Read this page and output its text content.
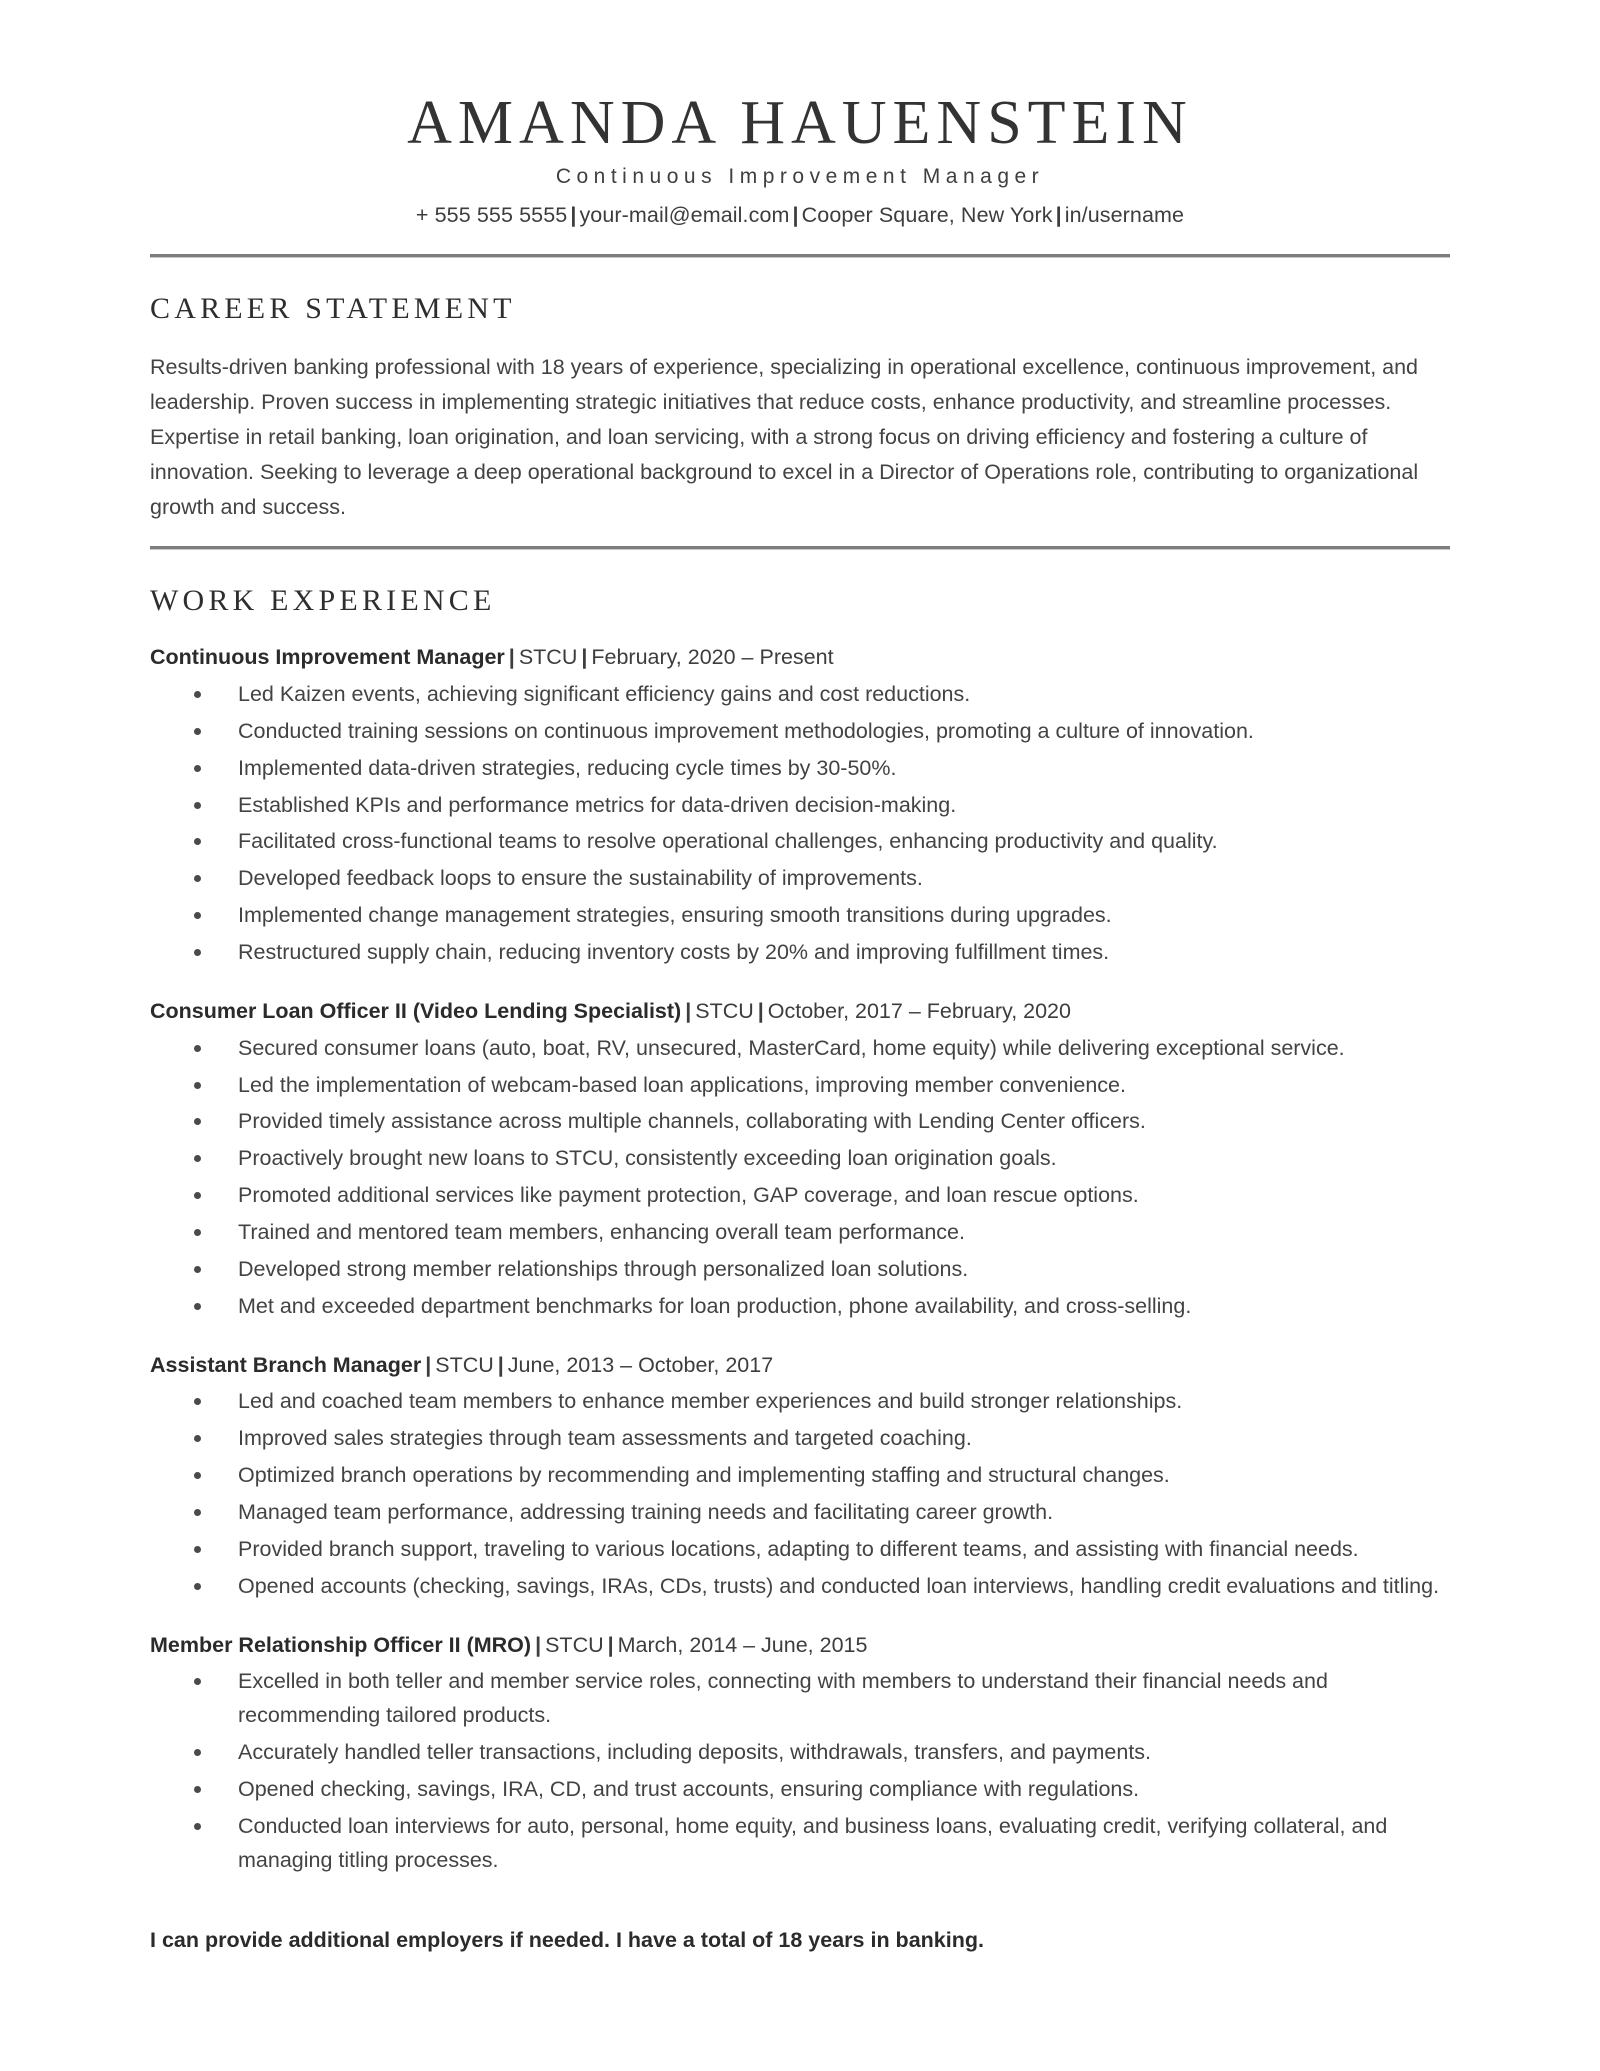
AMANDA HAUENSTEIN
Continuous Improvement Manager
+ 555 555 5555 | your-mail@email.com | Cooper Square, New York | in/username
CAREER STATEMENT

Results-driven banking professional with 18 years of experience, specializing in operational excellence, continuous improvement, and leadership. Proven success in implementing strategic initiatives that reduce costs, enhance productivity, and streamline processes. Expertise in retail banking, loan origination, and loan servicing, with a strong focus on driving efficiency and fostering a culture of innovation. Seeking to leverage a deep operational background to excel in a Director of Operations role, contributing to organizational growth and success.

WORK EXPERIENCE
Continuous Improvement Manager | STCU | February, 2020 – Present
Led Kaizen events, achieving significant efficiency gains and cost reductions.
Conducted training sessions on continuous improvement methodologies, promoting a culture of innovation.
Implemented data-driven strategies, reducing cycle times by 30-50%.
Established KPIs and performance metrics for data-driven decision-making.
Facilitated cross-functional teams to resolve operational challenges, enhancing productivity and quality.
Developed feedback loops to ensure the sustainability of improvements.
Implemented change management strategies, ensuring smooth transitions during upgrades.
Restructured supply chain, reducing inventory costs by 20% and improving fulfillment times.
Consumer Loan Officer II (Video Lending Specialist) | STCU | October, 2017 – February, 2020
Secured consumer loans (auto, boat, RV, unsecured, MasterCard, home equity) while delivering exceptional service.
Led the implementation of webcam-based loan applications, improving member convenience.
Provided timely assistance across multiple channels, collaborating with Lending Center officers.
Proactively brought new loans to STCU, consistently exceeding loan origination goals.
Promoted additional services like payment protection, GAP coverage, and loan rescue options.
Trained and mentored team members, enhancing overall team performance.
Developed strong member relationships through personalized loan solutions.
Met and exceeded department benchmarks for loan production, phone availability, and cross-selling.
Assistant Branch Manager | STCU | June, 2013 – October, 2017
Led and coached team members to enhance member experiences and build stronger relationships.
Improved sales strategies through team assessments and targeted coaching.
Optimized branch operations by recommending and implementing staffing and structural changes.
Managed team performance, addressing training needs and facilitating career growth.
Provided branch support, traveling to various locations, adapting to different teams, and assisting with financial needs.
Opened accounts (checking, savings, IRAs, CDs, trusts) and conducted loan interviews, handling credit evaluations and titling.
Member Relationship Officer II (MRO) | STCU | March, 2014 – June, 2015
Excelled in both teller and member service roles, connecting with members to understand their financial needs and recommending tailored products.
Accurately handled teller transactions, including deposits, withdrawals, transfers, and payments.
Opened checking, savings, IRA, CD, and trust accounts, ensuring compliance with regulations.
Conducted loan interviews for auto, personal, home equity, and business loans, evaluating credit, verifying collateral, and managing titling processes.

I can provide additional employers if needed. I have a total of 18 years in banking.
